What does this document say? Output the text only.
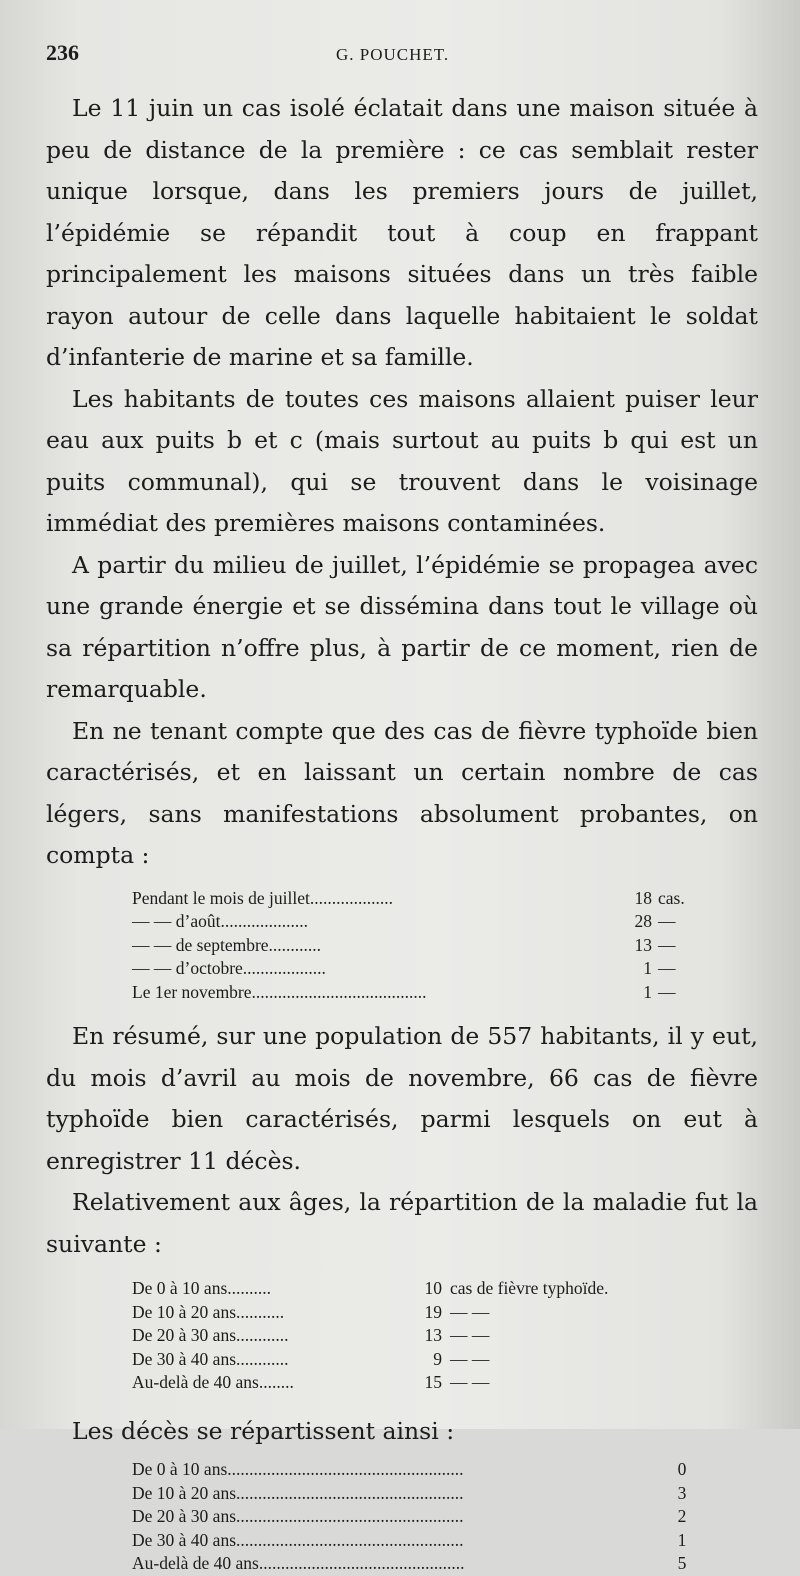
236	G. POUCHET.

Le 11 juin un cas isolé éclatait dans une maison située à peu de distance de la première : ce cas semblait rester unique lorsque, dans les premiers jours de juillet, l’épidémie se répandit tout à coup en frappant principalement les maisons situées dans un très faible rayon autour de celle dans laquelle habitaient le soldat d’infanterie de marine et sa famille.

Les habitants de toutes ces maisons allaient puiser leur eau aux puits b et c (mais surtout au puits b qui est un puits communal), qui se trouvent dans le voisinage immédiat des premières maisons contaminées.

A partir du milieu de juillet, l’épidémie se propagea avec une grande énergie et se dissémina dans tout le village où sa répartition n’offre plus, à partir de ce moment, rien de remarquable.

En ne tenant compte que des cas de fièvre typhoïde bien caractérisés, et en laissant un certain nombre de cas légers, sans manifestations absolument probantes, on compta :

Pendant le mois de juillet...................	18	cas.
— — d’août....................	28	—
— — de septembre............	13	—
— — d’octobre...................	1	—
Le 1er novembre........................................	1	—

En résumé, sur une population de 557 habitants, il y eut, du mois d’avril au mois de novembre, 66 cas de fièvre typhoïde bien caractérisés, parmi lesquels on eut à enregistrer 11 décès.

Relativement aux âges, la répartition de la maladie fut la suivante :

De 0 à 10 ans..........	10	cas de fièvre typhoïde.
De 10 à 20 ans...........	19	— —
De 20 à 30 ans............	13	— —
De 30 à 40 ans............	9	— —
Au-delà de 40 ans........	15	— —

Les décès se répartissent ainsi :

De 0 à 10 ans......................................................	0
De 10 à 20 ans....................................................	3
De 20 à 30 ans....................................................	2
De 30 à 40 ans....................................................	1
Au-delà de 40 ans...............................................	5
